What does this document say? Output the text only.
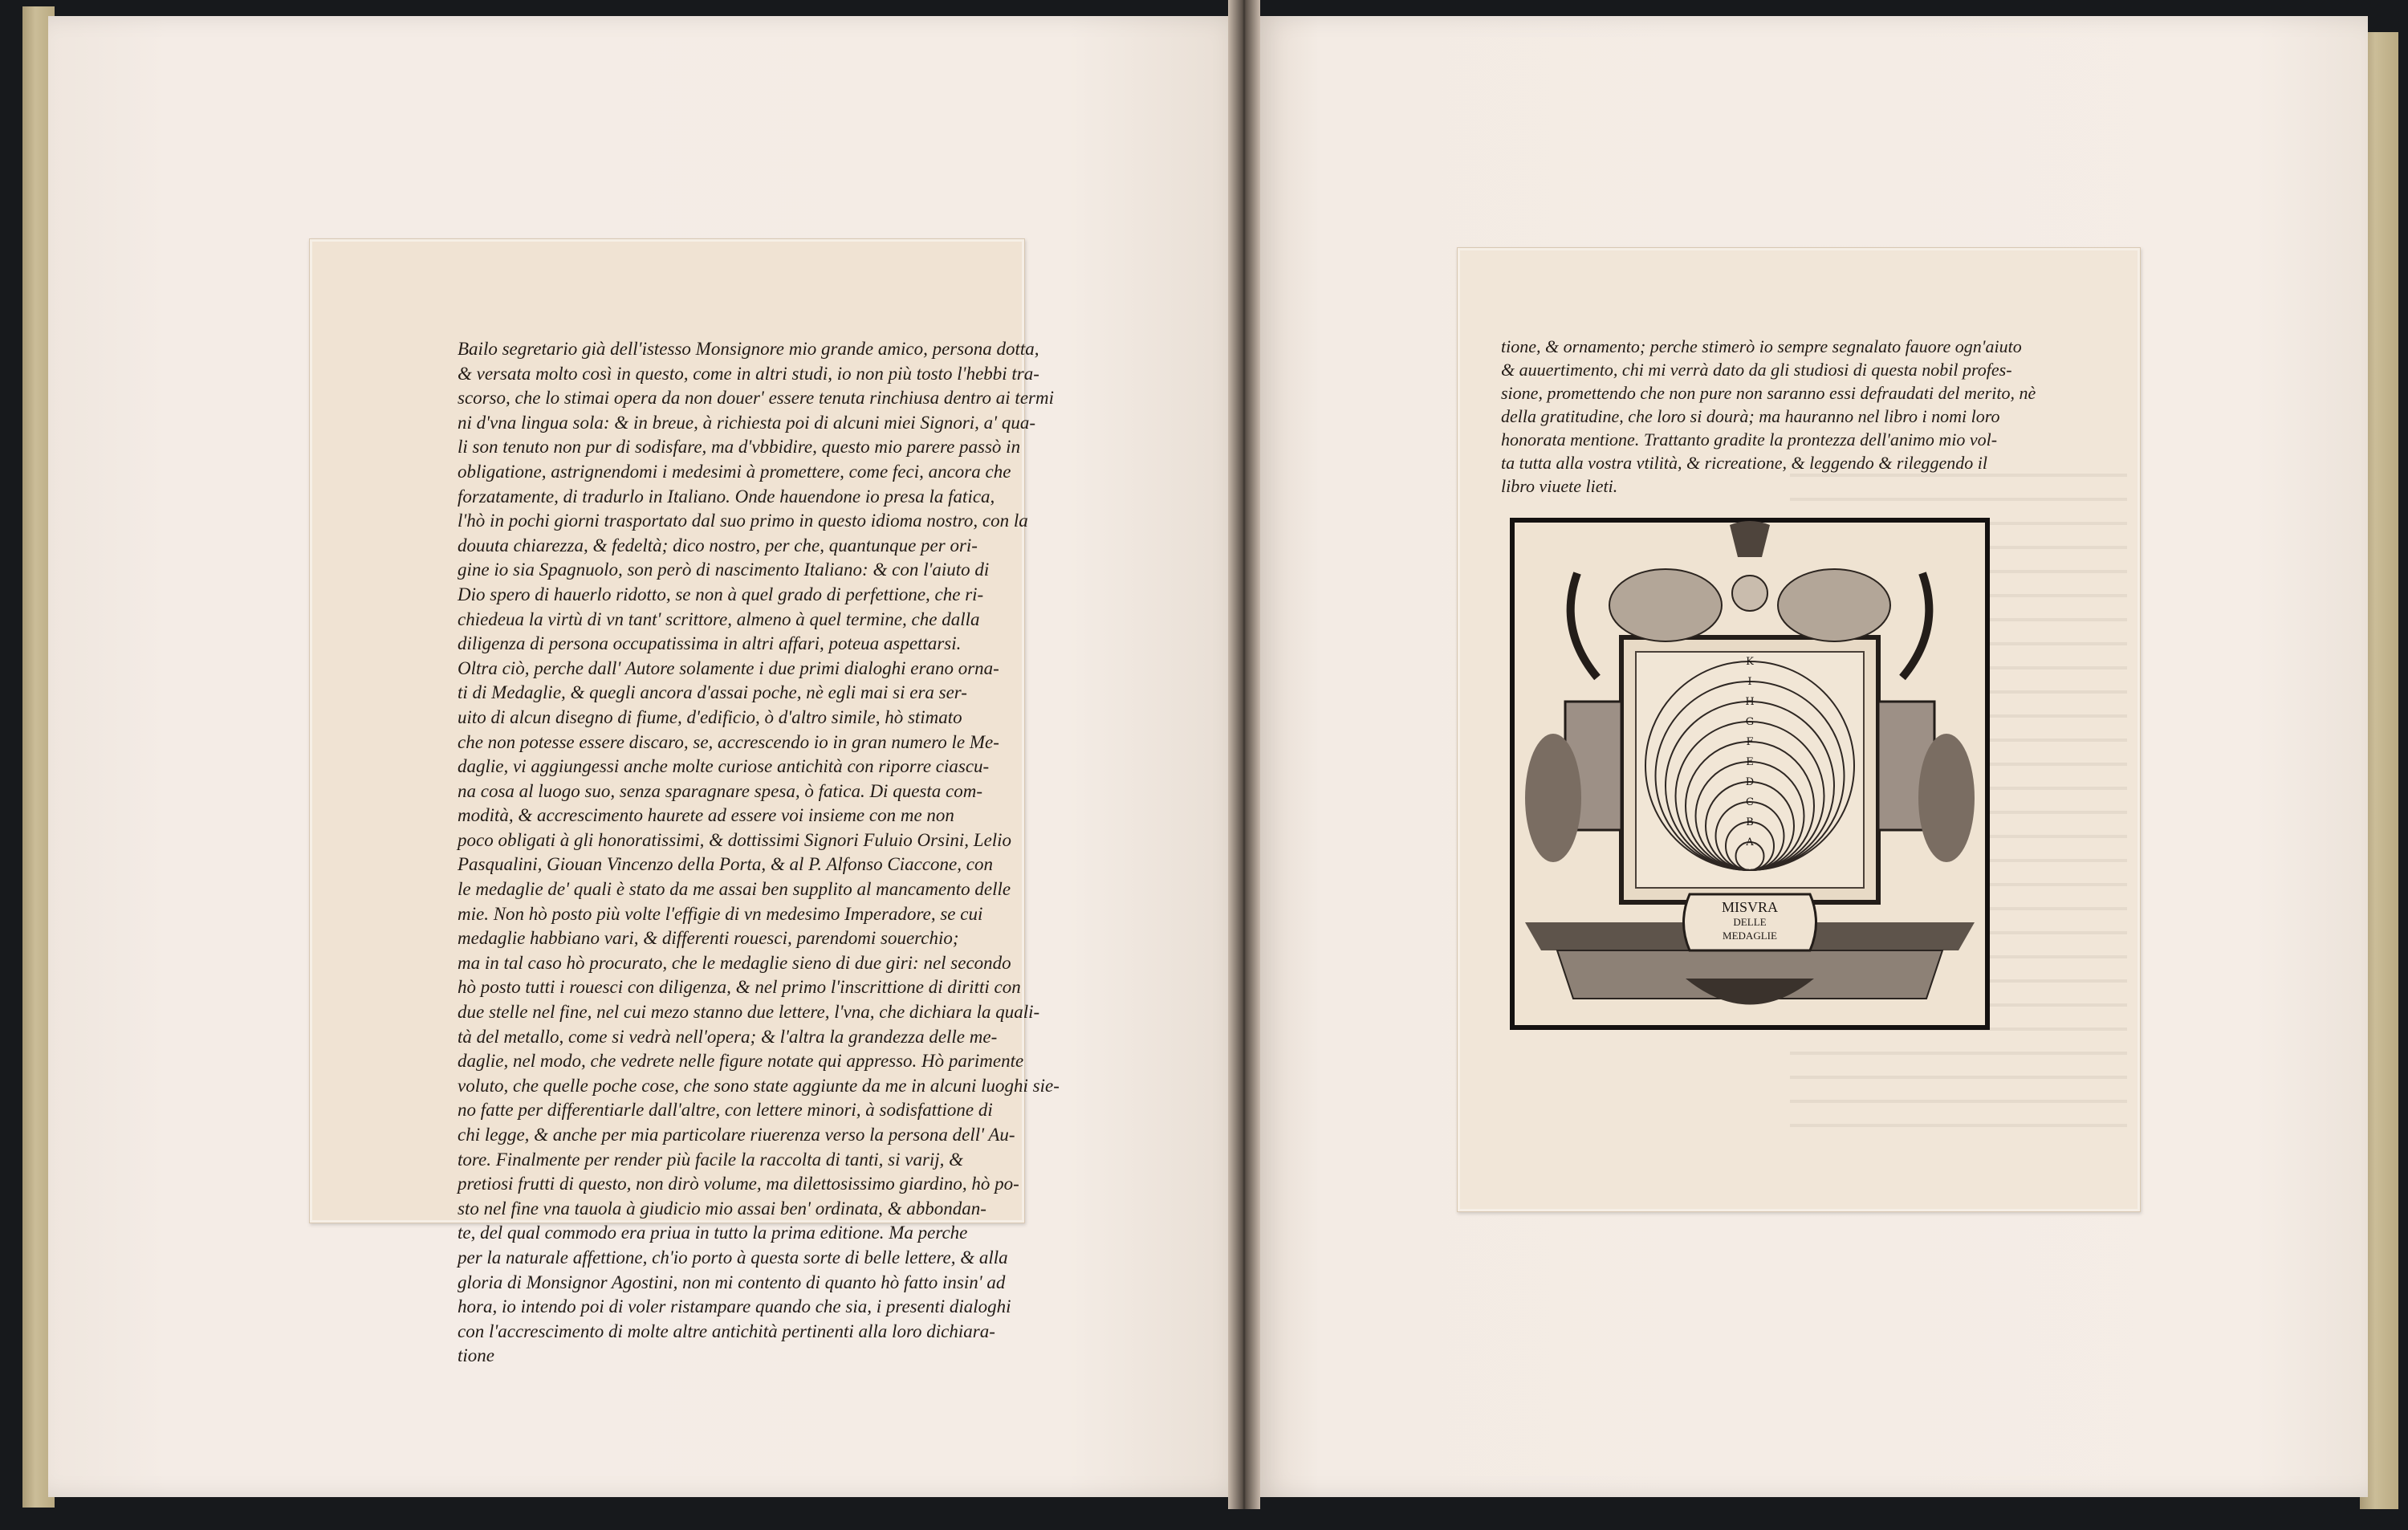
Bailo segretario già dell'istesso Monsignore mio grande amico, persona dotta,
& versata molto così in questo, come in altri studi, io non più tosto l'hebbi tra-
scorso, che lo stimai opera da non douer' essere tenuta rinchiusa dentro ai termi
ni d'vna lingua sola: & in breue, à richiesta poi di alcuni miei Signori, a' qua-
li son tenuto non pur di sodisfare, ma d'vbbidire, questo mio parere passò in
obligatione, astrignendomi i medesimi à promettere, come feci, ancora che
forzatamente, di tradurlo in Italiano. Onde hauendone io presa la fatica,
l'hò in pochi giorni trasportato dal suo primo in questo idioma nostro, con la
douuta chiarezza, & fedeltà; dico nostro, per che, quantunque per ori-
gine io sia Spagnuolo, son però di nascimento Italiano: & con l'aiuto di
Dio spero di hauerlo ridotto, se non à quel grado di perfettione, che ri-
chiedeua la virtù di vn tant' scrittore, almeno à quel termine, che dalla
diligenza di persona occupatissima in altri affari, poteua aspettarsi.
Oltra ciò, perche dall' Autore solamente i due primi dialoghi erano orna-
ti di Medaglie, & quegli ancora d'assai poche, nè egli mai si era ser-
uito di alcun disegno di fiume, d'edificio, ò d'altro simile, hò stimato
che non potesse essere discaro, se, accrescendo io in gran numero le Me-
daglie, vi aggiungessi anche molte curiose antichità con riporre ciascu-
na cosa al luogo suo, senza sparagnare spesa, ò fatica. Di questa com-
modità, & accrescimento haurete ad essere voi insieme con me non
poco obligati à gli honoratissimi, & dottissimi Signori Fuluio Orsini, Lelio
Pasqualini, Giouan Vincenzo della Porta, & al P. Alfonso Ciaccone, con
le medaglie de' quali è stato da me assai ben supplito al mancamento delle
mie. Non hò posto più volte l'effigie di vn medesimo Imperadore, se cui
medaglie habbiano vari, & differenti rouesci, parendomi souerchio;
ma in tal caso hò procurato, che le medaglie sieno di due giri: nel secondo
hò posto tutti i rouesci con diligenza, & nel primo l'inscrittione di diritti con
due stelle nel fine, nel cui mezo stanno due lettere, l'vna, che dichiara la quali-
tà del metallo, come si vedrà nell'opera; & l'altra la grandezza delle me-
daglie, nel modo, che vedrete nelle figure notate qui appresso. Hò parimente
voluto, che quelle poche cose, che sono state aggiunte da me in alcuni luoghi sie-
no fatte per differentiarle dall'altre, con lettere minori, à sodisfattione di
chi legge, & anche per mia particolare riuerenza verso la persona dell' Au-
tore. Finalmente per render più facile la raccolta di tanti, si varij, &
pretiosi frutti di questo, non dirò volume, ma dilettosissimo giardino, hò po-
sto nel fine vna tauola à giudicio mio assai ben' ordinata, & abbondan-
te, del qual commodo era priua in tutto la prima editione. Ma perche
per la naturale affettione, ch'io porto à questa sorte di belle lettere, & alla
gloria di Monsignor Agostini, non mi contento di quanto hò fatto insin' ad
hora, io intendo poi di voler ristampare quando che sia, i presenti dialoghi
con l'accrescimento di molte altre antichità pertinenti alla loro dichiara-
tione
tione, & ornamento; perche stimerò io sempre segnalato fauore ogn'aiuto
& auuertimento, chi mi verrà dato da gli studiosi di questa nobil profes-
sione, promettendo che non pure non saranno essi defraudati del merito, nè
della gratitudine, che loro si dourà; ma hauranno nel libro i nomi loro
honorata mentione. Trattanto gradite la prontezza dell'animo mio vol-
ta tutta alla vostra vtilità, & ricreatione, & leggendo & rileggendo il
libro viuete lieti.
K
I
H
G
F
E
D
C
B
A
MISVRA
DELLE
MEDAGLIE
